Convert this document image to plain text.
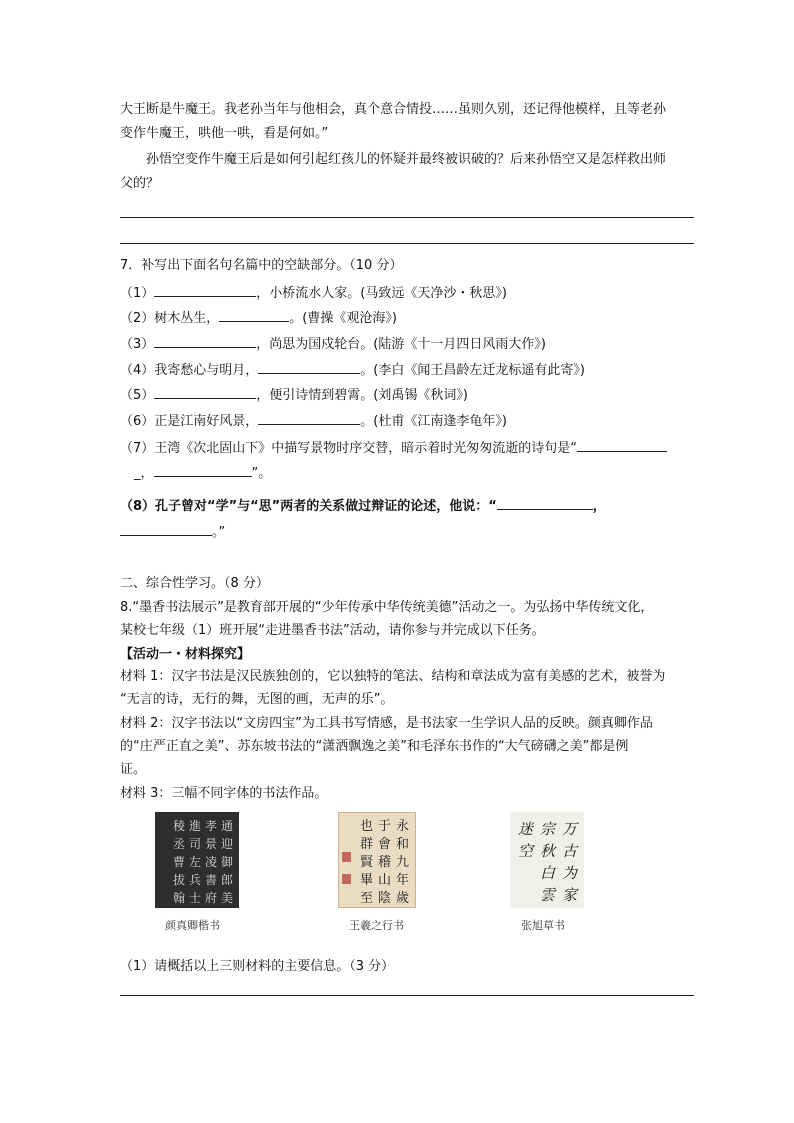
大王断是牛魔王。我老孙当年与他相会，真个意合情投……虽则久别，还记得他模样，且等老孙
变作牛魔王，哄他一哄，看是何如。”
孙悟空变作牛魔王后是如何引起红孩儿的怀疑并最终被识破的？后来孙悟空又是怎样救出师
父的？
7．补写出下面名句名篇中的空缺部分。（10 分）
（1）	，小桥流水人家。(马致远《天净沙・秋思》)
（2）树木丛生，	。(曹操《观沧海》)
（3）	，尚思为国戍轮台。(陆游《十一月四日风雨大作》)
（4）我寄愁心与明月，	。(李白《闻王昌龄左迁龙标遥有此寄》)
（5）	，便引诗情到碧霄。(刘禹锡《秋词》)
（6）正是江南好风景，	。(杜甫《江南逢李龟年》)
（7）王湾《次北固山下》中描写景物时序交替，暗示着时光匆匆流逝的诗句是“
_，	”。
（8）孔子曾对“学”与“思”两者的关系做过辩证的论述，他说：“	，
。”
二、综合性学习。（8 分）
8.“墨香书法展示”是教育部开展的“少年传承中华传统美德”活动之一。为弘扬中华传统文化，
某校七年级（1）班开展“走进墨香书法”活动，请你参与并完成以下任务。
【活动一・材料探究】
材料 1：汉字书法是汉民族独创的，它以独特的笔法、结构和章法成为富有美感的艺术，被誉为
“无言的诗，无行的舞，无图的画，无声的乐”。
材料 2：汉字书法以“文房四宝”为工具书写情感，是书法家一生学识人品的反映。颜真卿作品
的“庄严正直之美”、苏东坡书法的“潇洒飘逸之美”和毛泽东书作的“大气磅礴之美”都是例
证。
材料 3：三幅不同字体的书法作品。
通
迎
御
郎
美
孝
景
凌
書
府
進
司
左
兵
士
稜
丞
曹
拔
翰
颜真卿楷书
永
和
九
年
歲
于
會
稽
山
陰
也
群
賢
畢
至
王羲之行书
万
古
为
家
宗
秋
白
雲
迷
空
张旭草书
（1）请概括以上三则材料的主要信息。（3 分）
